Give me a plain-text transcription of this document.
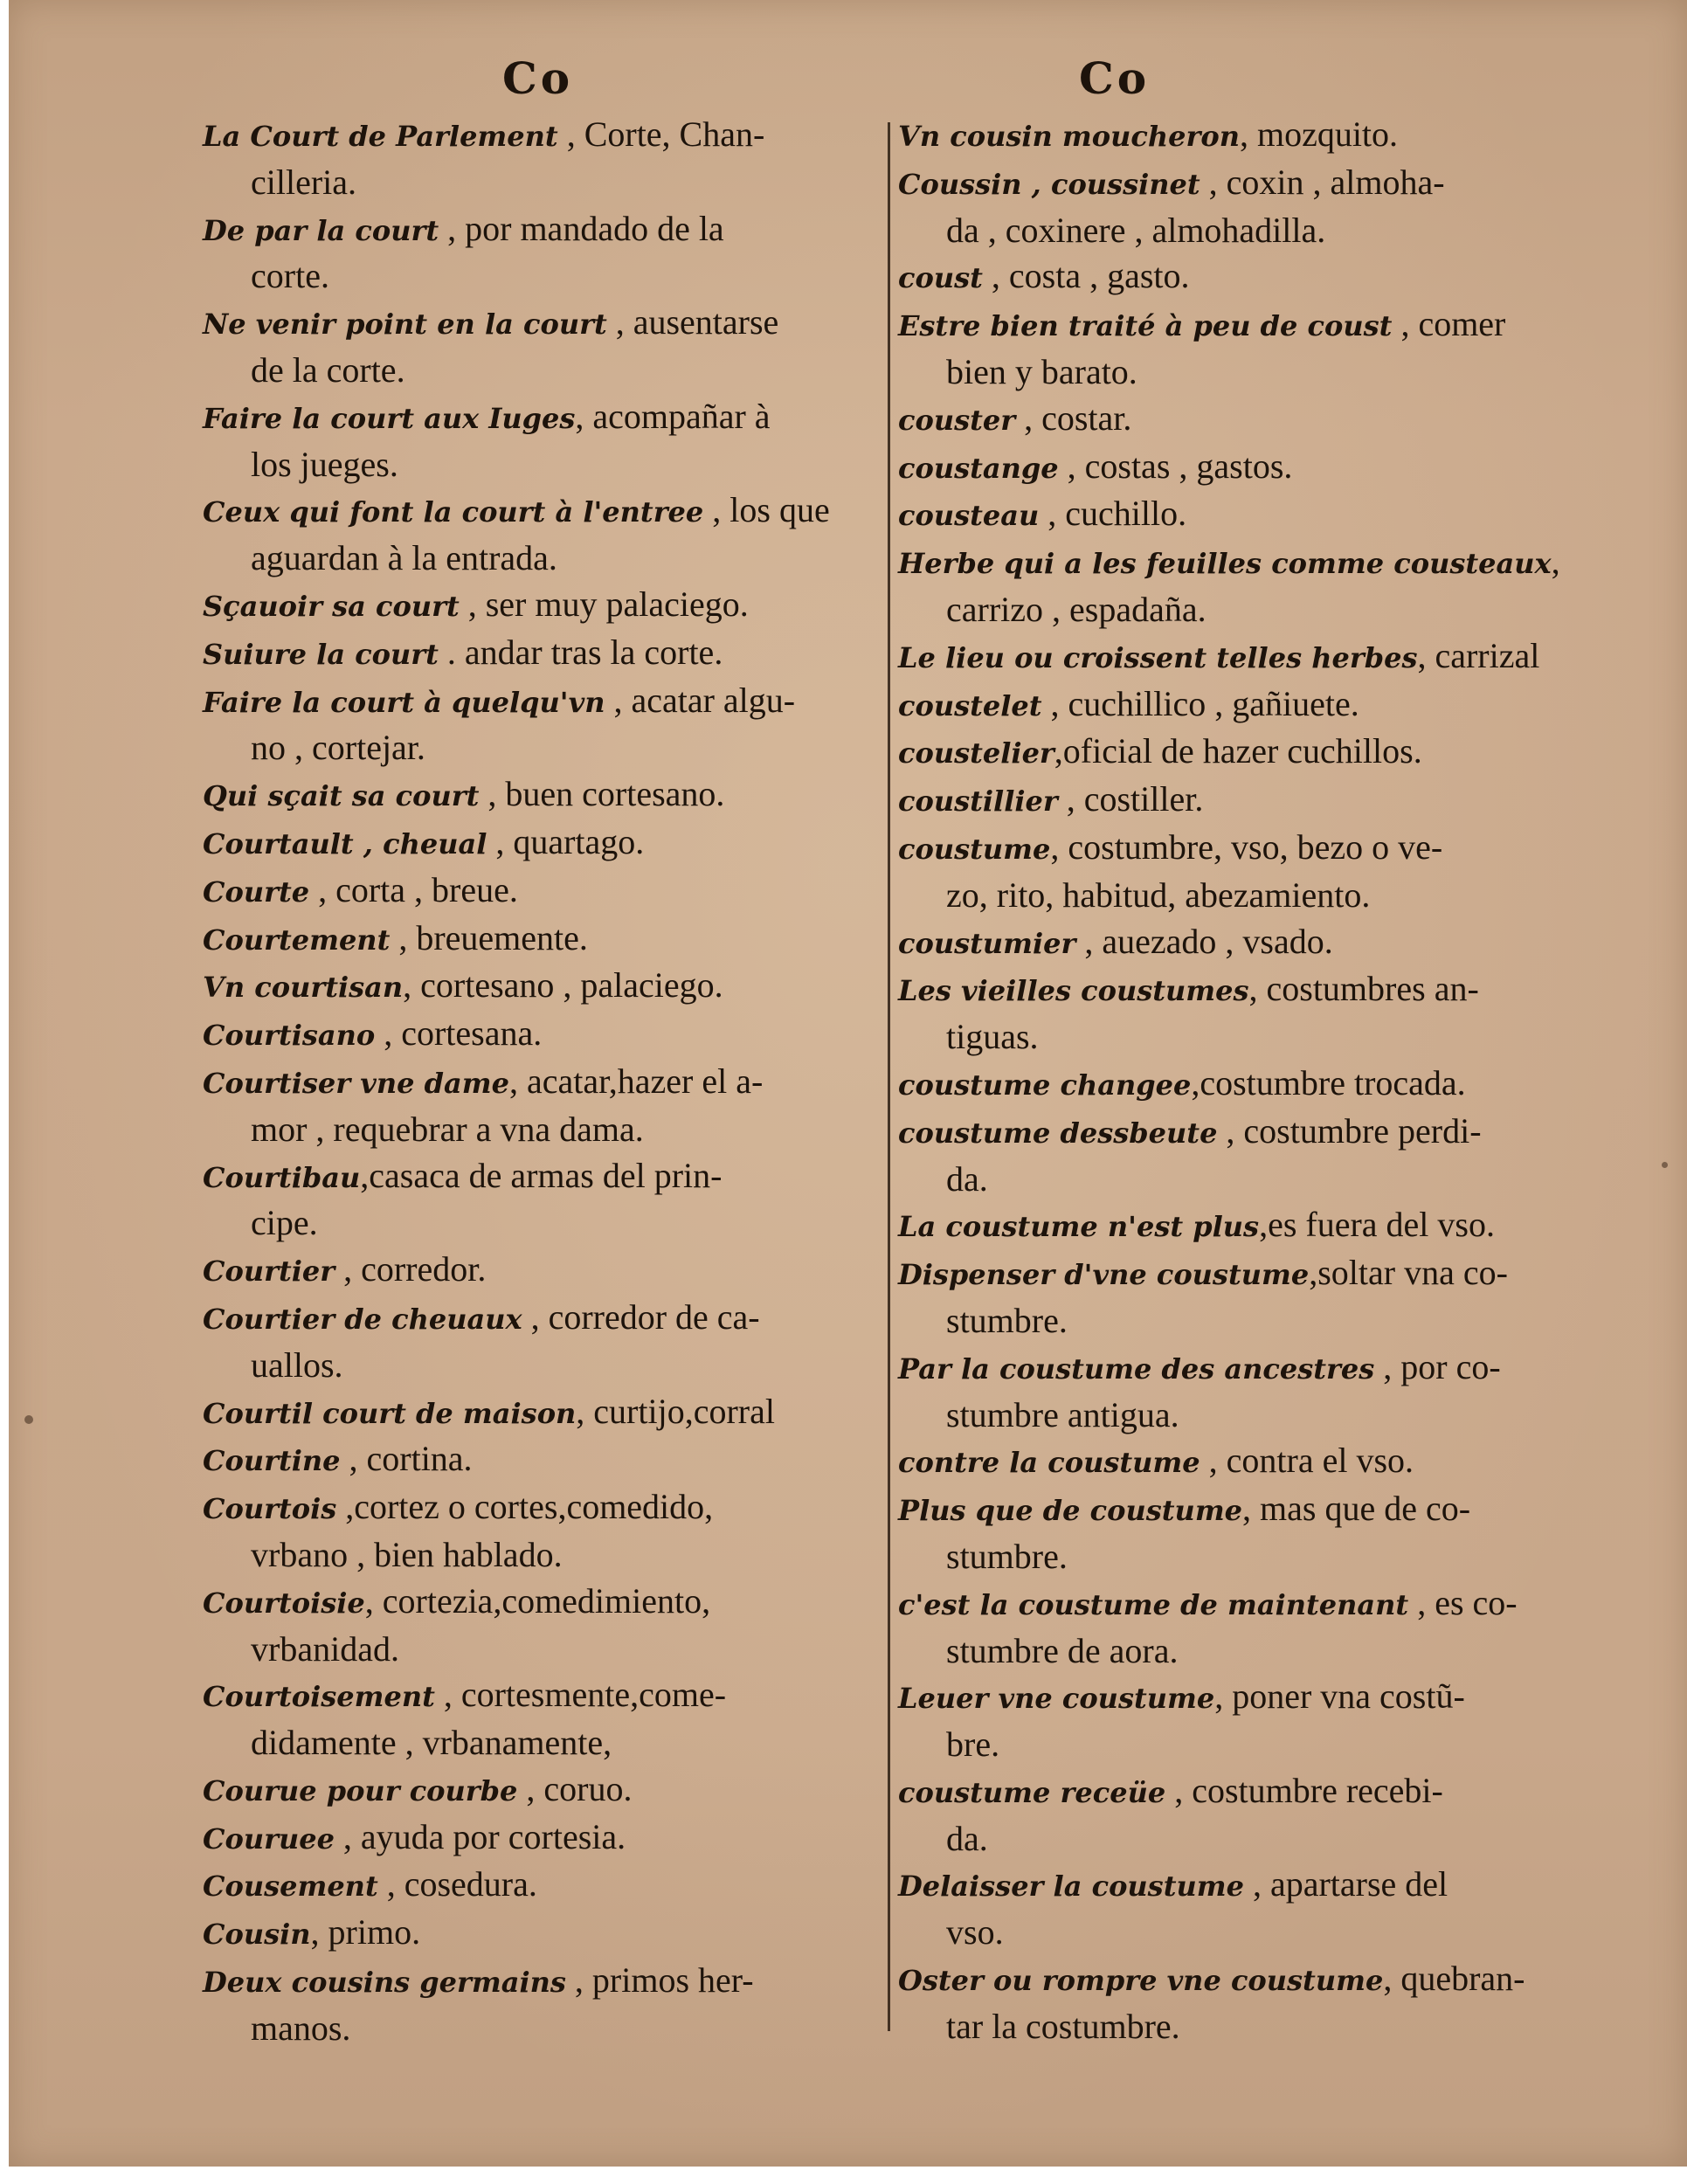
Co	Co
La Court de Parlement , Corte, Chan-
cilleria.
De par la court , por mandado de la
corte.
Ne venir point en la court , ausentarse
de la corte.
Faire la court aux Iuges, acompañar à
los jueges.
Ceux qui font la court à l'entree , los que
aguardan à la entrada.
Sçauoir sa court , ser muy palaciego.
Suiure la court . andar tras la corte.
Faire la court à quelqu'vn , acatar algu-
no , cortejar.
Qui sçait sa court , buen cortesano.
Courtault , cheual , quartago.
Courte , corta , breue.
Courtement , breuemente.
Vn courtisan, cortesano , palaciego.
Courtisano , cortesana.
Courtiser vne dame, acatar,hazer el a-
mor , requebrar a vna dama.
Courtibau,casaca de armas del prin-
cipe.
Courtier , corredor.
Courtier de cheuaux , corredor de ca-
uallos.
Courtil court de maison, curtijo,corral
Courtine , cortina.
Courtois ,cortez o cortes,comedido,
vrbano , bien hablado.
Courtoisie, cortezia,comedimiento,
vrbanidad.
Courtoisement , cortesmente,come-
didamente , vrbanamente,
Courue pour courbe , coruo.
Couruee , ayuda por cortesia.
Cousement , cosedura.
Cousin, primo.
Deux cousins germains , primos her-
manos.
Vn cousin moucheron, mozquito.
Coussin , coussinet , coxin , almoha-
da , coxinere , almohadilla.
coust , costa , gasto.
Estre bien traité à peu de coust , comer
bien y barato.
couster , costar.
coustange , costas , gastos.
cousteau , cuchillo.
Herbe qui a les feuilles comme cousteaux,
carrizo , espadaña.
Le lieu ou croissent telles herbes, carrizal
coustelet , cuchillico , gañiuete.
coustelier,oficial de hazer cuchillos.
coustillier , costiller.
coustume, costumbre, vso, bezo o ve-
zo, rito, habitud, abezamiento.
coustumier , auezado , vsado.
Les vieilles coustumes, costumbres an-
tiguas.
coustume changee,costumbre trocada.
coustume dessbeute , costumbre perdi-
da.
La coustume n'est plus,es fuera del vso.
Dispenser d'vne coustume,soltar vna co-
stumbre.
Par la coustume des ancestres , por co-
stumbre antigua.
contre la coustume , contra el vso.
Plus que de coustume, mas que de co-
stumbre.
c'est la coustume de maintenant , es co-
stumbre de aora.
Leuer vne coustume, poner vna costũ-
bre.
coustume receüe , costumbre recebi-
da.
Delaisser la coustume , apartarse del
vso.
Oster ou rompre vne coustume, quebran-
tar la costumbre.
